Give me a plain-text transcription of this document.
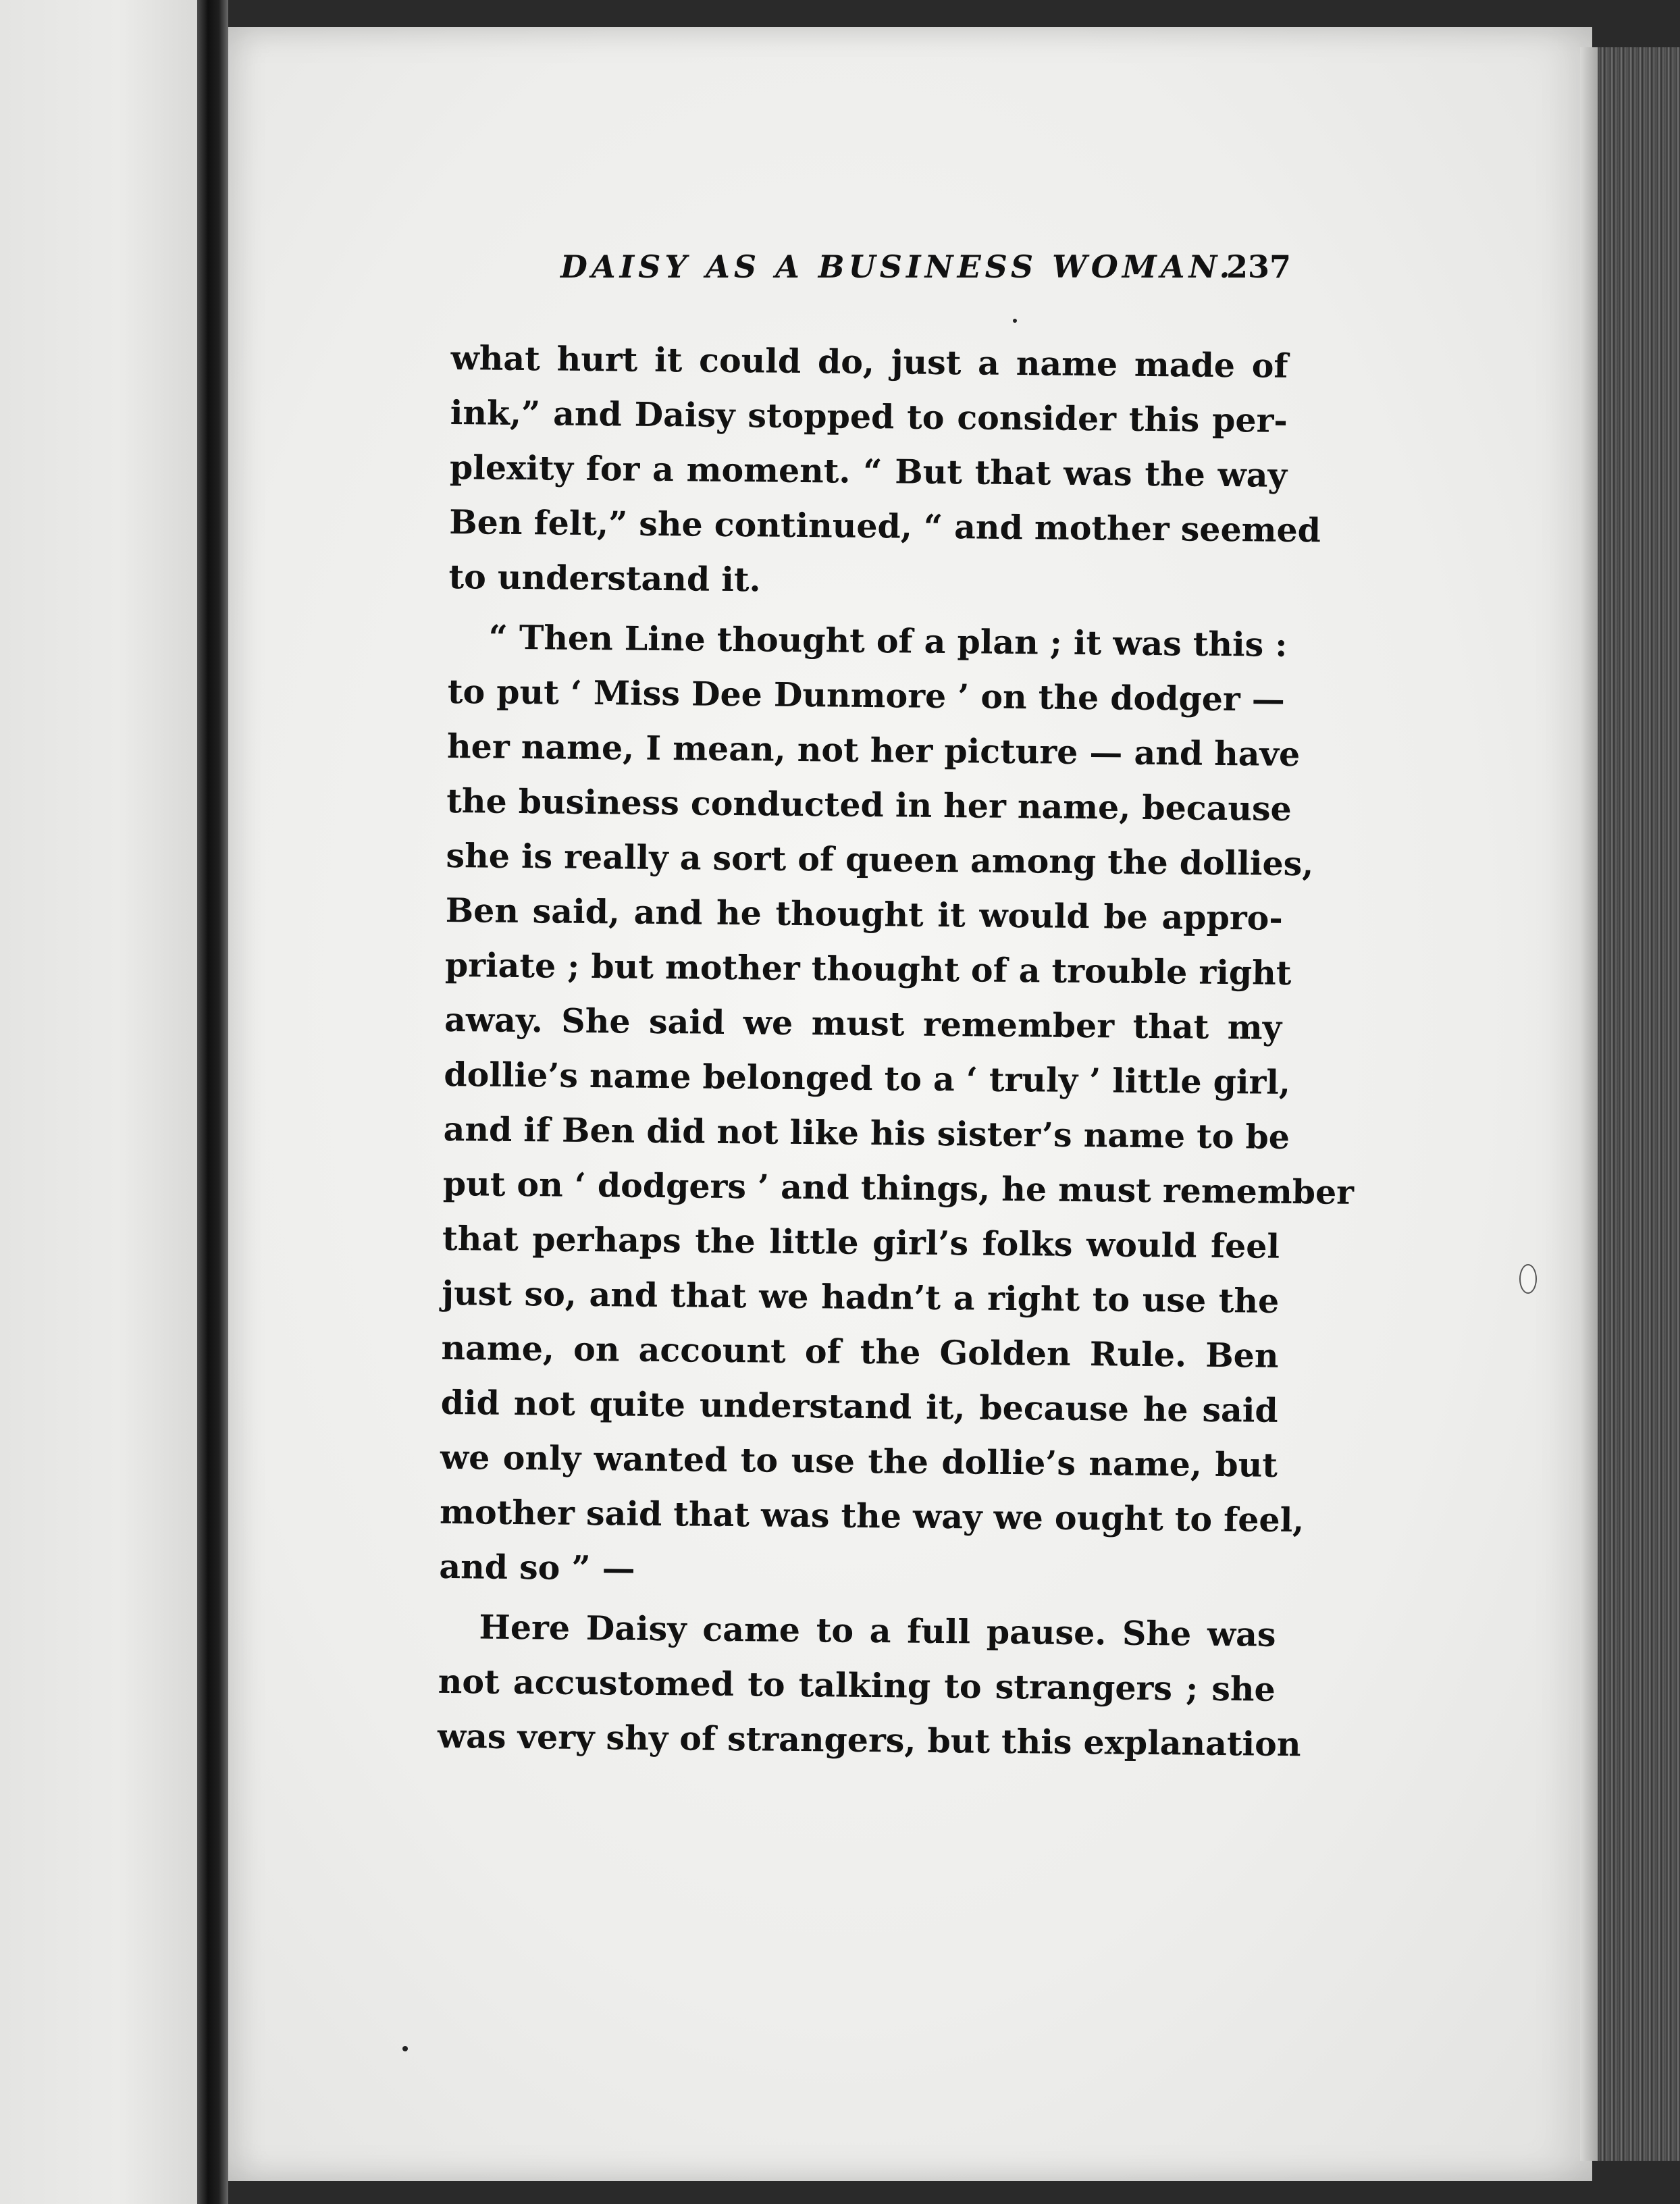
DAISY AS A BUSINESS WOMAN.
237
what hurt it could do, just a name made of
ink,” and Daisy stopped to consider this per-
plexity for a moment. “ But that was the way
Ben felt,” she continued, “ and mother seemed
to understand it.
“ Then Line thought of a plan ; it was this :
to put ‘ Miss Dee Dunmore ’ on the dodger —
her name, I mean, not her picture — and have
the business conducted in her name, because
she is really a sort of queen among the dollies,
Ben said, and he thought it would be appro-
priate ; but mother thought of a trouble right
away. She said we must remember that my
dollie’s name belonged to a ‘ truly ’ little girl,
and if Ben did not like his sister’s name to be
put on ‘ dodgers ’ and things, he must remember
that perhaps the little girl’s folks would feel
just so, and that we hadn’t a right to use the
name, on account of the Golden Rule. Ben
did not quite understand it, because he said
we only wanted to use the dollie’s name, but
mother said that was the way we ought to feel,
and so ” —
Here Daisy came to a full pause. She was
not accustomed to talking to strangers ; she
was very shy of strangers, but this explanation
